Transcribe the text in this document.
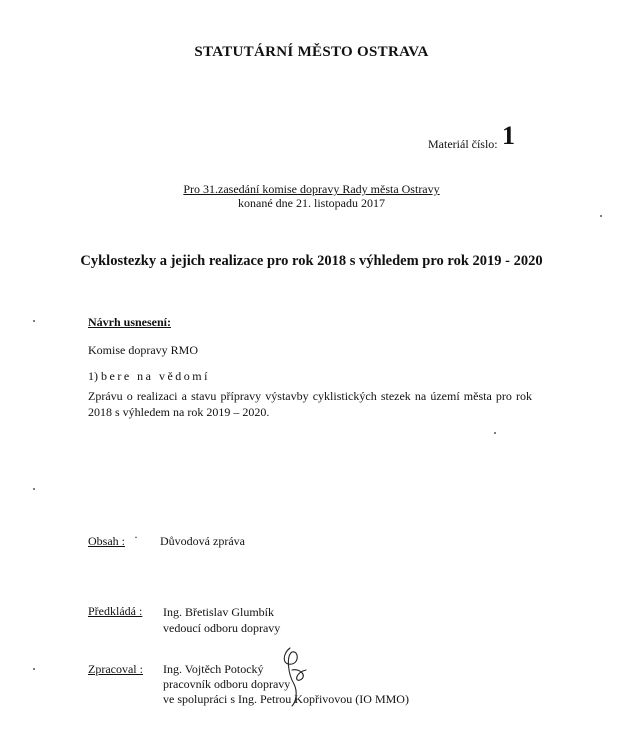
STATUTÁRNÍ MĚSTO OSTRAVA
Materiál číslo: 1
Pro 31.zasedání komise dopravy Rady města Ostravy
konané dne 21. listopadu 2017
Cyklostezky a jejich realizace pro rok 2018 s výhledem pro rok 2019 - 2020
Návrh usnesení:
Komise dopravy RMO
1) bere na vědomí
Zprávu o realizaci a stavu přípravy výstavby cyklistických stezek na území města pro rok 2018 s výhledem na rok 2019 – 2020.
Obsah : · Důvodová zpráva
Předkládá : Ing. Břetislav Glumbík
vedoucí odboru dopravy
Zpracoval : Ing. Vojtěch Potocký
pracovník odboru dopravy
ve spolupráci s Ing. Petrou Kopřivovou (IO MMO)
